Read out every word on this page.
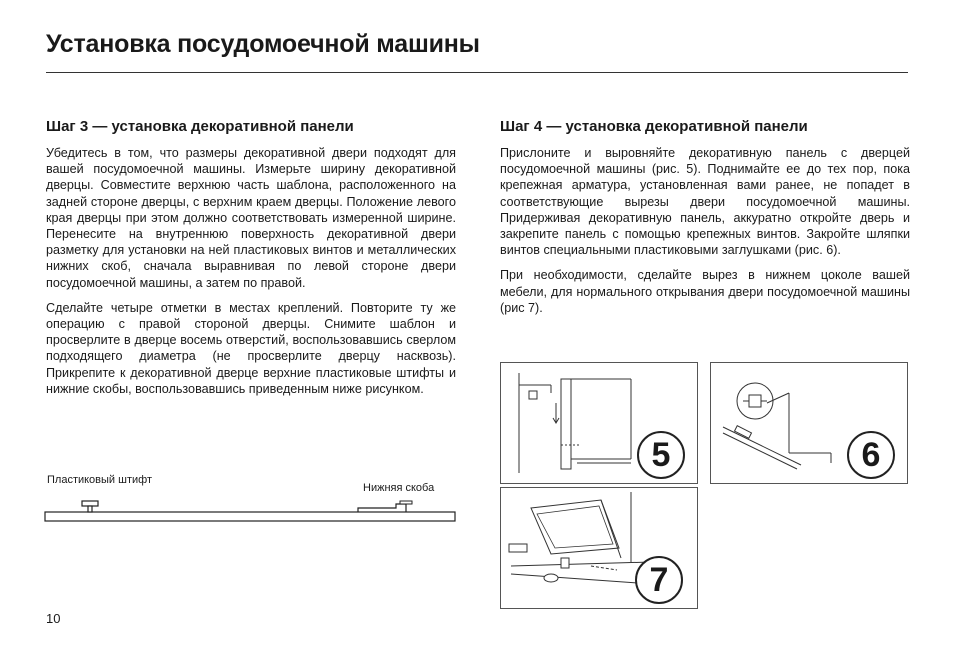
Установка посудомоечной машины
Шаг 3 — установка декоративной панели

Убедитесь в том, что размеры декоративной двери подходят для вашей посудомоечной машины. Измерьте ширину декоративной дверцы. Совместите верхнюю часть шаблона, расположенного на задней стороне дверцы, с верхним краем дверцы. Положение левого края дверцы при этом должно соответствовать измеренной ширине. Перенесите на внутреннюю поверхность декоративной двери разметку для установки на ней пластиковых винтов и металлических нижних скоб, сначала выравнивая по левой стороне двери посудомоечной машины, а затем по правой.

Сделайте четыре отметки в местах креплений. Повторите ту же операцию с правой стороной дверцы. Снимите шаблон и просверлите в дверце восемь отверстий, воспользовавшись сверлом подходящего диаметра (не просверлите дверцу насквозь). Прикрепите к декоративной дверце верхние пластиковые штифты и нижние скобы, воспользовавшись приведенным ниже рисунком.

Пластиковый штифт
Нижняя скоба
10
Шаг 4 — установка декоративной панели

Прислоните и выровняйте декоративную панель с дверцей посудомоечной машины (рис. 5). Поднимайте ее до тех пор, пока крепежная арматура, установленная вами ранее, не попадет в соответствующие вырезы двери посудомоечной машины. Придерживая декоративную панель, аккуратно откройте дверь и закрепите панель с помощью крепежных винтов. Закройте шляпки винтов специальными пластиковыми заглушками (рис. 6).

При необходимости, сделайте вырез в нижнем цоколе вашей мебели, для нормального открывания двери посудомоечной машины (рис 7).

5	6
7
